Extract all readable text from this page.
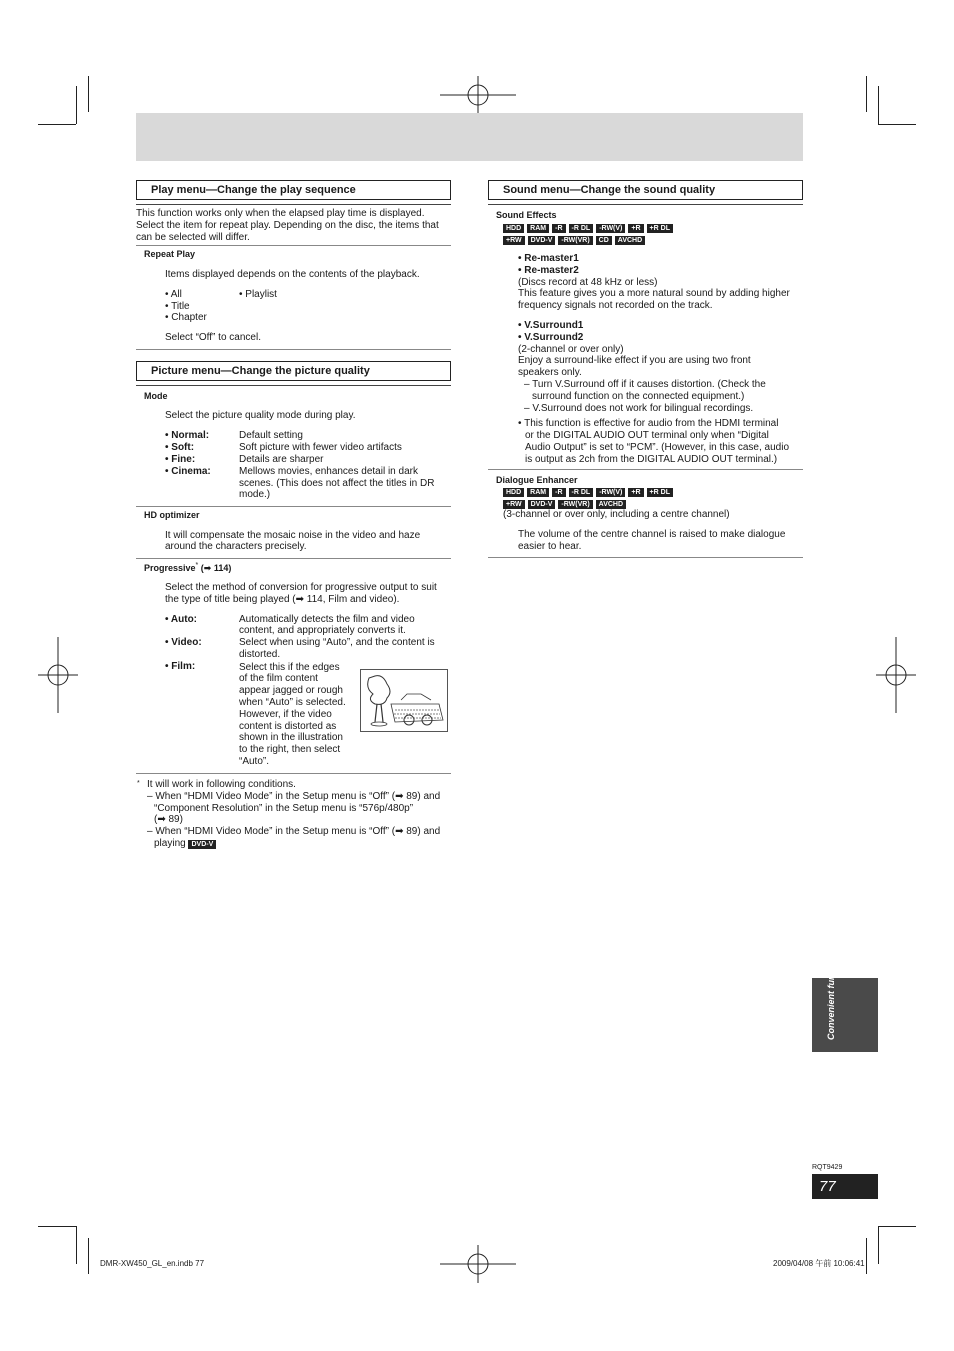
Play menu—Change the play sequence
This function works only when the elapsed play time is displayed.
Select the item for repeat play. Depending on the disc, the items that
can be selected will differ.
Repeat Play
Items displayed depends on the contents of the playback.
• All	• Playlist
• Title
• Chapter
Select “Off” to cancel.
Picture menu—Change the picture quality
Mode
Select the picture quality mode during play.
• Normal:	Default setting
• Soft:	Soft picture with fewer video artifacts
• Fine:	Details are sharper
• Cinema:	Mellows movies, enhances detail in dark
scenes. (This does not affect the titles in DR
mode.)
HD optimizer
It will compensate the mosaic noise in the video and haze
around the characters precisely.
Progressive* (➡ 114)
Select the method of conversion for progressive output to suit
the type of title being played (➡ 114, Film and video).
• Auto:	Automatically detects the film and video
content, and appropriately converts it.
• Video:	Select when using “Auto”, and the content is
distorted.
• Film:	Select this if the edges
of the film content
appear jagged or rough
when “Auto” is selected.
However, if the video
content is distorted as
shown in the illustration
to the right, then select
“Auto”.
* It will work in following conditions.
– When “HDMI Video Mode” in the Setup menu is “Off” (➡ 89) and
“Component Resolution” in the Setup menu is “576p/480p”
(➡ 89)
– When “HDMI Video Mode” in the Setup menu is “Off” (➡ 89) and
playing DVD-V
Sound menu—Change the sound quality
Sound Effects
HDD RAM -R -R DL -RW(V) +R +R DL
+RW DVD-V -RW(VR) CD AVCHD
• Re-master1
• Re-master2
(Discs record at 48 kHz or less)
This feature gives you a more natural sound by adding higher
frequency signals not recorded on the track.
• V.Surround1
• V.Surround2
(2-channel or over only)
Enjoy a surround-like effect if you are using two front
speakers only.
– Turn V.Surround off if it causes distortion. (Check the
surround function on the connected equipment.)
– V.Surround does not work for bilingual recordings.
• This function is effective for audio from the HDMI terminal
or the DIGITAL AUDIO OUT terminal only when “Digital
Audio Output” is set to “PCM”. (However, in this case, audio
is output as 2ch from the DIGITAL AUDIO OUT terminal.)
Dialogue Enhancer
HDD RAM -R -R DL -RW(V) +R +R DL
+RW DVD-V -RW(VR) AVCHD
(3-channel or over only, including a centre channel)
The volume of the centre channel is raised to make dialogue
easier to hear.
Convenient functions
RQT9429
77
DMR-XW450_GL_en.indb 77	2009/04/08 午前 10:06:41
